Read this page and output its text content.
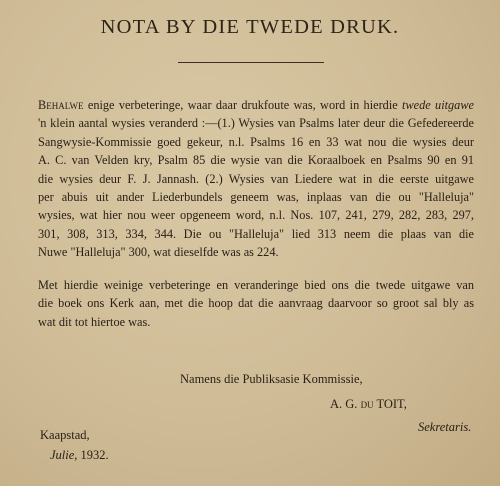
NOTA BY DIE TWEDE DRUK.
Behalwe enige verbeteringe, waar daar drukfoute was, word in hierdie twede uitgawe
'n klein aantal wysies veranderd :—(1.) Wysies van Psalms later deur die Gefedereerde
Sangwysie-Kommissie goed gekeur, n.l. Psalms 16 en 33 wat nou die wysies deur
A. C. van Velden kry, Psalm 85 die wysie van die Koraalboek en Psalms 90 en 91
die wysies deur F. J. Jannash. (2.) Wysies van Liedere wat in die eerste uitgawe
per abuis uit ander Liederbundels geneem was, inplaas van die ou "Halleluja"
wysies, wat hier nou weer opgeneem word, n.l. Nos. 107, 241, 279, 282, 283, 297,
301, 308, 313, 334, 344. Die ou "Halleluja" lied 313 neem die plaas van die
Nuwe "Halleluja" 300, wat dieselfde was as 224.
Met hierdie weinige verbeteringe en veranderinge bied ons die twede uitgawe van
die boek ons Kerk aan, met die hoop dat die aanvraag daarvoor so groot sal bly as
wat dit tot hiertoe was.
Namens die Publiksasie Kommissie,
A. G. du TOIT,
Sekretaris.
Kaapstad,
Julie, 1932.
